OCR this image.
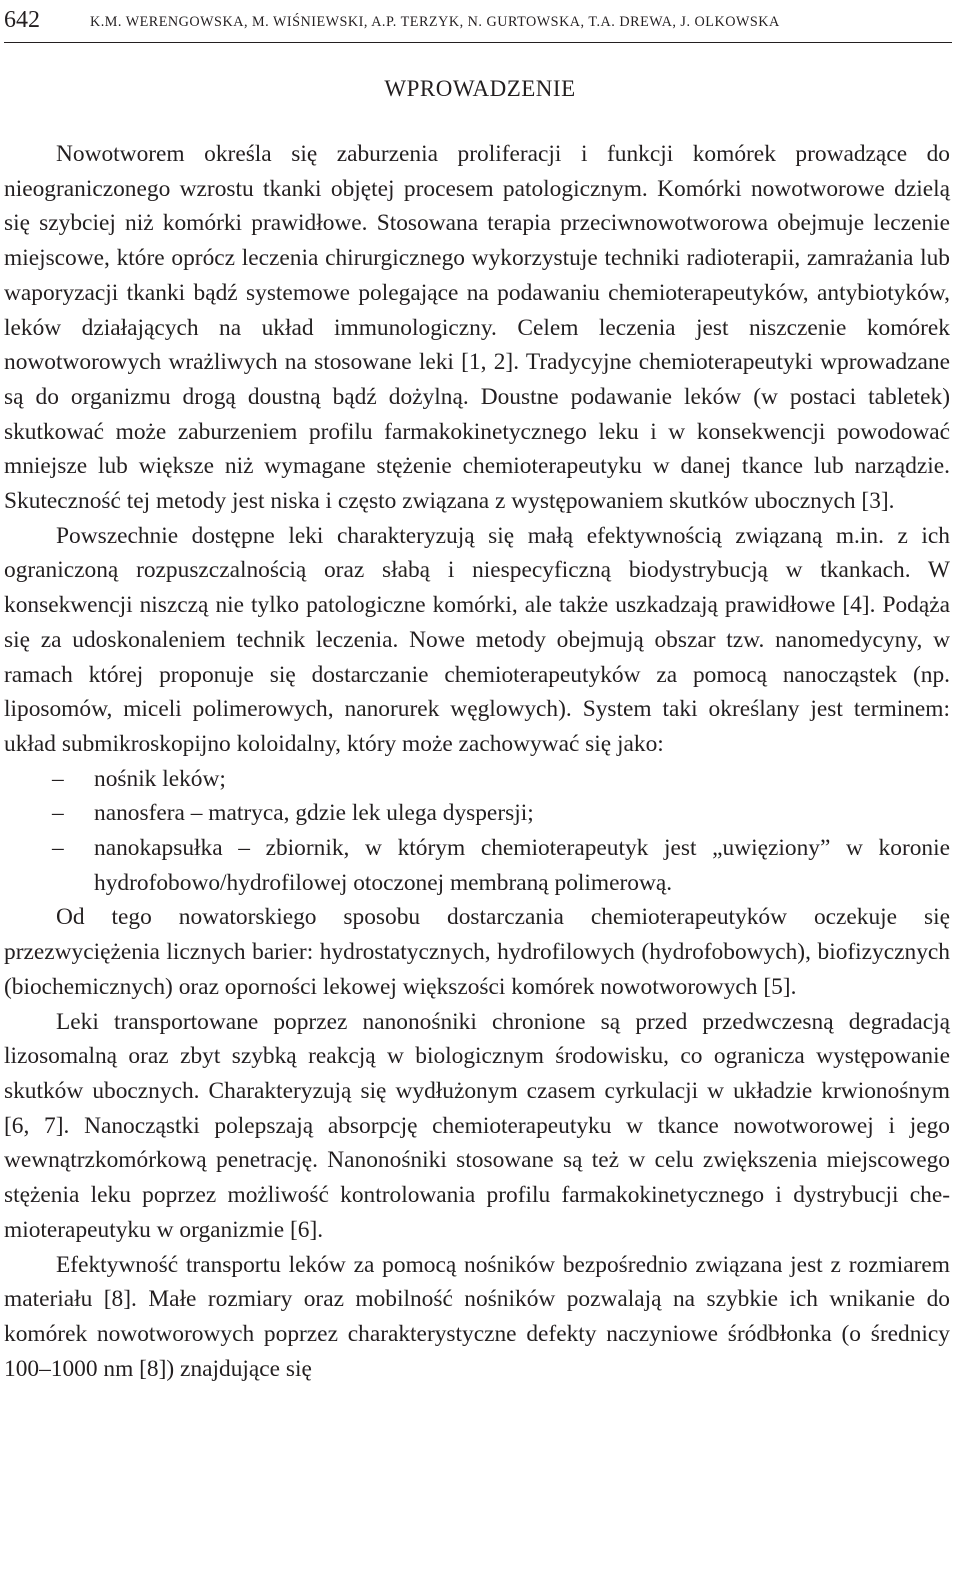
642	K.M. WERENGOWSKA, M. WIŚNIEWSKI, A.P. TERZYK, N. GURTOWSKA, T.A. DREWA, J. OLKOWSKA
WPROWADZENIE

Nowotworem określa się zaburzenia proliferacji i funkcji komórek prowadzące do nieograniczonego wzrostu tkanki objętej procesem patologicznym. Komórki nowotworowe dzielą się szybciej niż komórki prawidłowe. Stosowana terapia przeciwnowotworowa obejmuje leczenie miejscowe, które oprócz leczenia chirurgicznego wykorzystuje techniki radioterapii, zamrażania lub waporyzacji tkanki bądź systemowe polegające na podawaniu chemioterapeutyków, antybiotyków, leków działających na układ immunologiczny. Celem leczenia jest niszczenie komórek nowotworowych wrażliwych na stosowane leki [1, 2]. Tradycyjne chemioterapeutyki wprowadzane są do organizmu drogą doustną bądź dożylną. Doustne podawanie leków (w postaci tabletek) skutkować może zaburzeniem profilu farmakokinetycznego leku i w konsekwencji powodować mniejsze lub większe niż wymagane stężenie chemioterapeutyku w danej tkance lub narządzie. Skuteczność tej metody jest niska i często związana z występowaniem skutków ubocznych [3].

Powszechnie dostępne leki charakteryzują się małą efektywnością związaną m.in. z ich ograniczoną rozpuszczalnością oraz słabą i niespecyficzną biodystrybucją w tkankach. W konsekwencji niszczą nie tylko patologiczne komórki, ale także uszkadzają prawidłowe [4]. Podąża się za udoskonaleniem technik leczenia. Nowe metody obejmują obszar tzw. nanomedycyny, w ramach której proponuje się dostarczanie chemioterapeutyków za pomocą nanocząstek (np. liposomów, miceli polimerowych, nanorurek węglowych). System taki określany jest terminem: układ submikroskopijno koloidalny, który może zachowywać się jako:

– nośnik leków;
– nanosfera – matryca, gdzie lek ulega dyspersji;
– nanokapsułka – zbiornik, w którym chemioterapeutyk jest „uwięziony” w koronie hydrofobowo/hydrofilowej otoczonej membraną polimerową.

Od tego nowatorskiego sposobu dostarczania chemioterapeutyków oczekuje się przezwyciężenia licznych barier: hydrostatycznych, hydrofilowych (hydrofobowych), biofizycznych (biochemicznych) oraz oporności lekowej większości komórek nowotworowych [5].

Leki transportowane poprzez nanonośniki chronione są przed przedwczesną degradacją lizosomalną oraz zbyt szybką reakcją w biologicznym środowisku, co ogranicza występowanie skutków ubocznych. Charakteryzują się wydłużonym czasem cyrkulacji w układzie krwionośnym [6, 7]. Nanocząstki polepszają absorpcję chemioterapeutyku w tkance nowotworowej i jego wewnątrzkomórkową penetrację. Nanonośniki stosowane są też w celu zwiększenia miejscowego stężenia leku poprzez możliwość kontrolowania profilu farmakokinetycznego i dystrybucji chemioterapeutyku w organizmie [6].

Efektywność transportu leków za pomocą nośników bezpośrednio związana jest z rozmiarem materiału [8]. Małe rozmiary oraz mobilność nośników pozwalają na szybkie ich wnikanie do komórek nowotworowych poprzez charakterystyczne defekty naczyniowe śródbłonka (o średnicy 100–1000 nm [8]) znajdujące się
